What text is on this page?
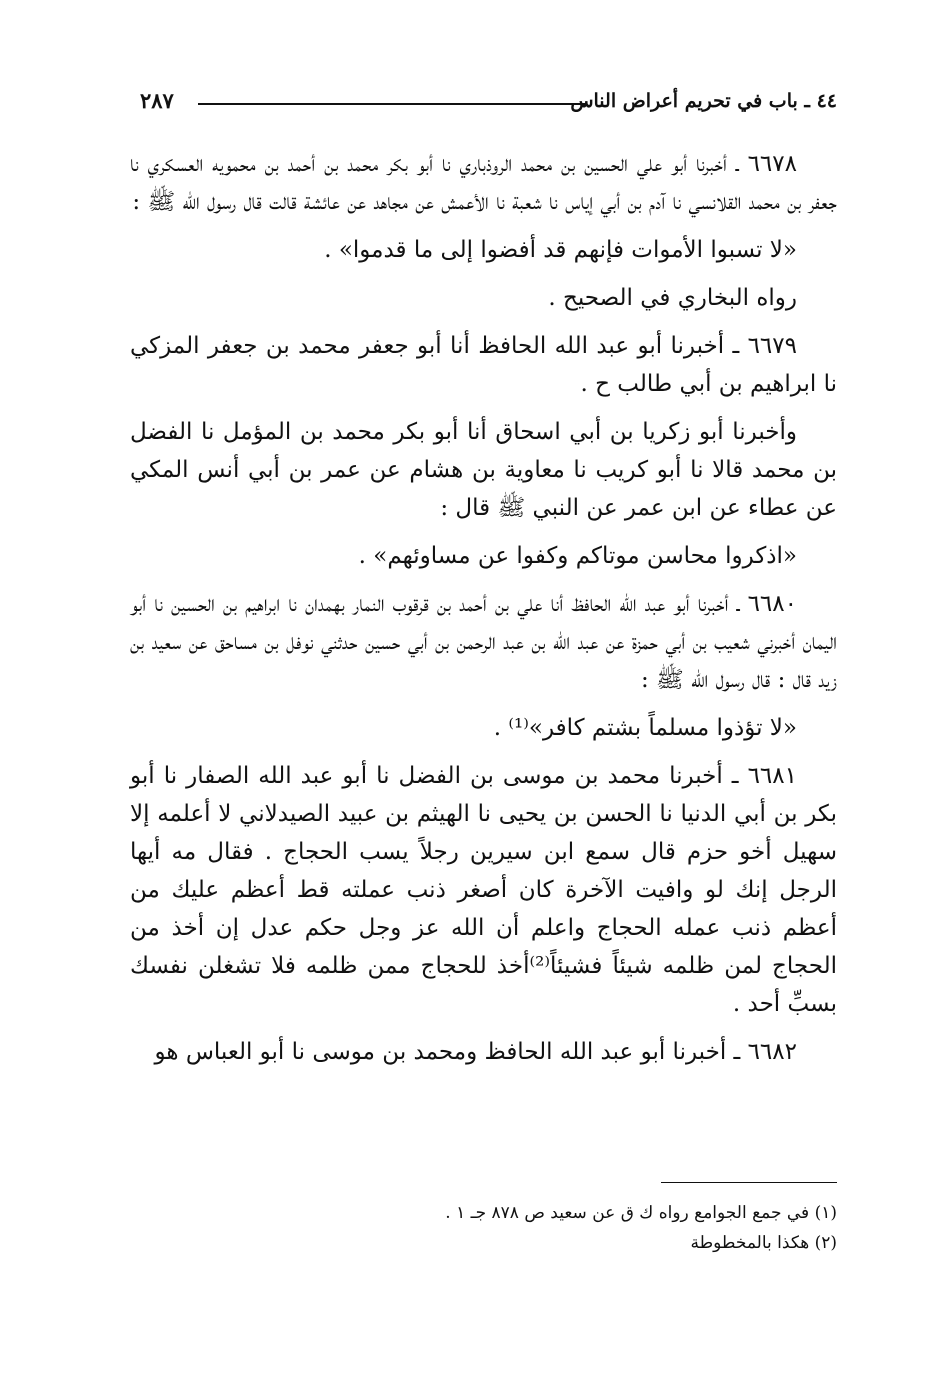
٤٤ ـ باب في تحريم أعراض الناس
٢٨٧

٦٦٧٨ ـ أخبرنا أبو علي الحسين بن محمد الروذباري نا أبو بكر محمد بن أحمد بن محمويه العسكري نا جعفر بن محمد القلانسي نا آدم بن أبي إياس نا شعبة نا الأعمش عن مجاهد عن عائشة قالت قال رسول الله ﷺ :

«لا تسبوا الأموات فإنهم قد أفضوا إلى ما قدموا» .

رواه البخاري في الصحيح .

٦٦٧٩ ـ أخبرنا أبو عبد الله الحافظ أنا أبو جعفر محمد بن جعفر المزكي نا ابراهيم بن أبي طالب ح .

وأخبرنا أبو زكريا بن أبي اسحاق أنا أبو بكر محمد بن المؤمل نا الفضل بن محمد قالا نا أبو كريب نا معاوية بن هشام عن عمر بن أبي أنس المكي عن عطاء عن ابن عمر عن النبي ﷺ قال :

«اذكروا محاسن موتاكم وكفوا عن مساوئهم» .

٦٦٨٠ ـ أخبرنا أبو عبد الله الحافظ أنا علي بن أحمد بن قرقوب النمار بهمدان نا ابراهيم بن الحسين نا أبو اليمان أخبرني شعيب بن أبي حمزة عن عبد الله بن عبد الرحمن بن أبي حسين حدثني نوفل بن مساحق عن سعيد بن زيد قال : قال رسول الله ﷺ :

«لا تؤذوا مسلماً بشتم كافر»⁽¹⁾ .

٦٦٨١ ـ أخبرنا محمد بن موسى بن الفضل نا أبو عبد الله الصفار نا أبو بكر بن أبي الدنيا نا الحسن بن يحيى نا الهيثم بن عبيد الصيدلاني لا أعلمه إلا سهيل أخو حزم قال سمع ابن سيرين رجلاً يسب الحجاج . فقال مه أيها الرجل إنك لو وافيت الآخرة كان أصغر ذنب عملته قط أعظم عليك من أعظم ذنب عمله الحجاج واعلم أن الله عز وجل حكم عدل إن أخذ من الحجاج لمن ظلمه شيئاً فشيئاً⁽²⁾أخذ للحجاج ممن ظلمه فلا تشغلن نفسك بسبِّ أحد .

٦٦٨٢ ـ أخبرنا أبو عبد الله الحافظ ومحمد بن موسى نا أبو العباس هو

(١) في جمع الجوامع رواه ك ق عن سعيد ص ٨٧٨ جـ ١ .

(٢) هكذا بالمخطوطة
